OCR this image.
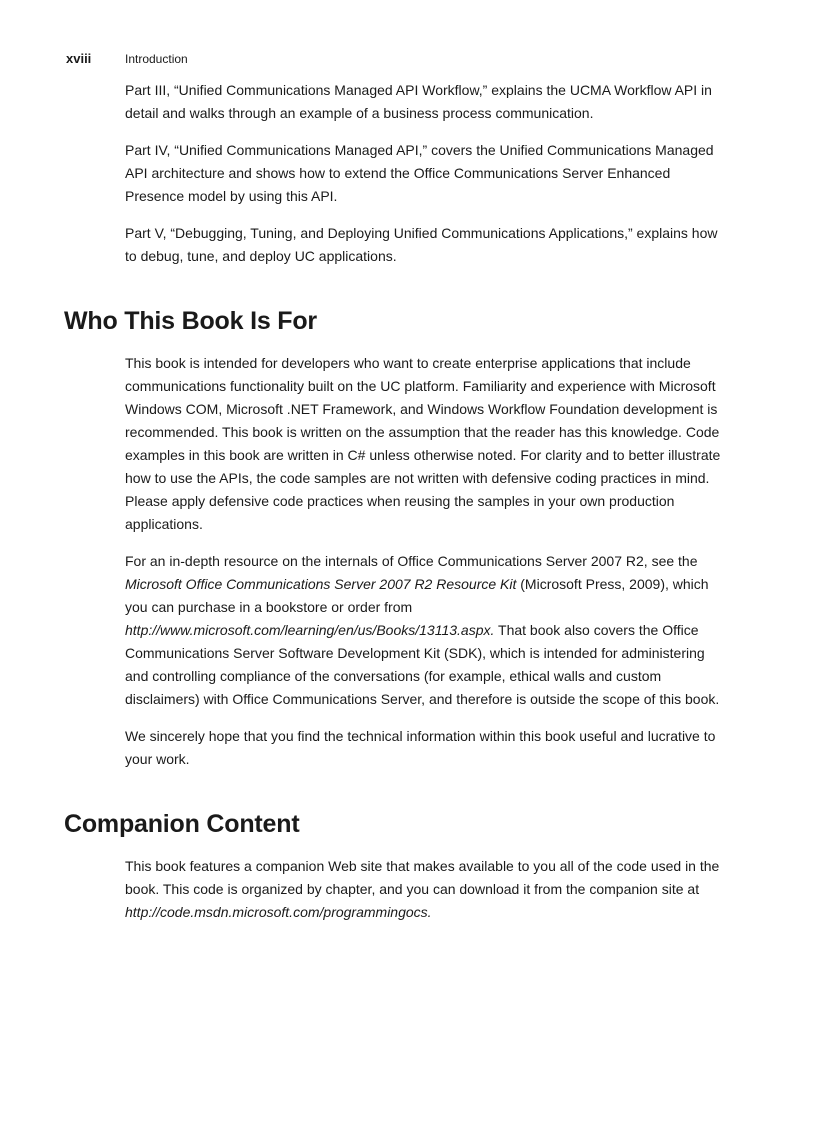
xviii	Introduction

Part III, “Unified Communications Managed API Workflow,” explains the UCMA Workflow API in detail and walks through an example of a business process communication.

Part IV, “Unified Communications Managed API,” covers the Unified Communications Managed API architecture and shows how to extend the Office Communications Server Enhanced Presence model by using this API.

Part V, “Debugging, Tuning, and Deploying Unified Communications Applications,” explains how to debug, tune, and deploy UC applications.

Who This Book Is For

This book is intended for developers who want to create enterprise applications that include communications functionality built on the UC platform. Familiarity and experience with Microsoft Windows COM, Microsoft .NET Framework, and Windows Workflow Foundation development is recommended. This book is written on the assumption that the reader has this knowledge. Code examples in this book are written in C# unless otherwise noted. For clarity and to better illustrate how to use the APIs, the code samples are not written with defensive coding practices in mind. Please apply defensive code practices when reusing the samples in your own production applications.

For an in-depth resource on the internals of Office Communications Server 2007 R2, see the Microsoft Office Communications Server 2007 R2 Resource Kit (Microsoft Press, 2009), which you can purchase in a bookstore or order from http://www.microsoft.com/learning/en/us/Books/13113.aspx. That book also covers the Office Communications Server Software Development Kit (SDK), which is intended for administering and controlling compliance of the conversations (for example, ethical walls and custom disclaimers) with Office Communications Server, and therefore is outside the scope of this book.

We sincerely hope that you find the technical information within this book useful and lucrative to your work.

Companion Content

This book features a companion Web site that makes available to you all of the code used in the book. This code is organized by chapter, and you can download it from the companion site at http://code.msdn.microsoft.com/programmingocs.
